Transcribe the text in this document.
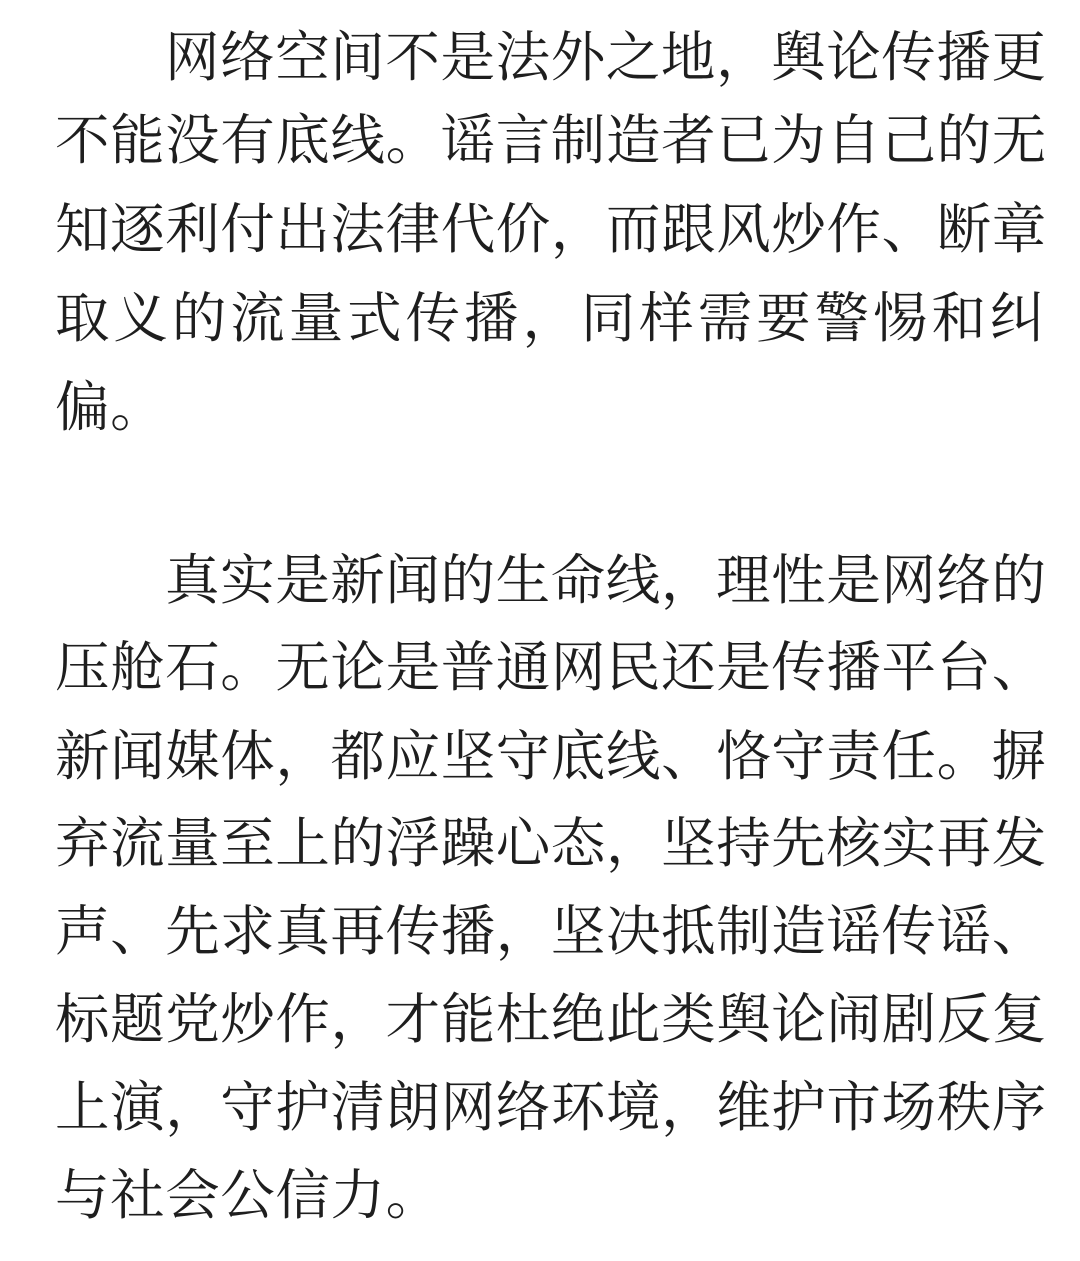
网络空间不是法外之地，舆论传播更

不能没有底线。谣言制造者已为自己的无

知逐利付出法律代价，而跟风炒作、断章

取义的流量式传播，同样需要警惕和纠

偏。

真实是新闻的生命线，理性是网络的

压舱石。无论是普通网民还是传播平台、

新闻媒体，都应坚守底线、恪守责任。摒

弃流量至上的浮躁心态，坚持先核实再发

声、先求真再传播，坚决抵制造谣传谣、

标题党炒作，才能杜绝此类舆论闹剧反复

上演，守护清朗网络环境，维护市场秩序

与社会公信力。
